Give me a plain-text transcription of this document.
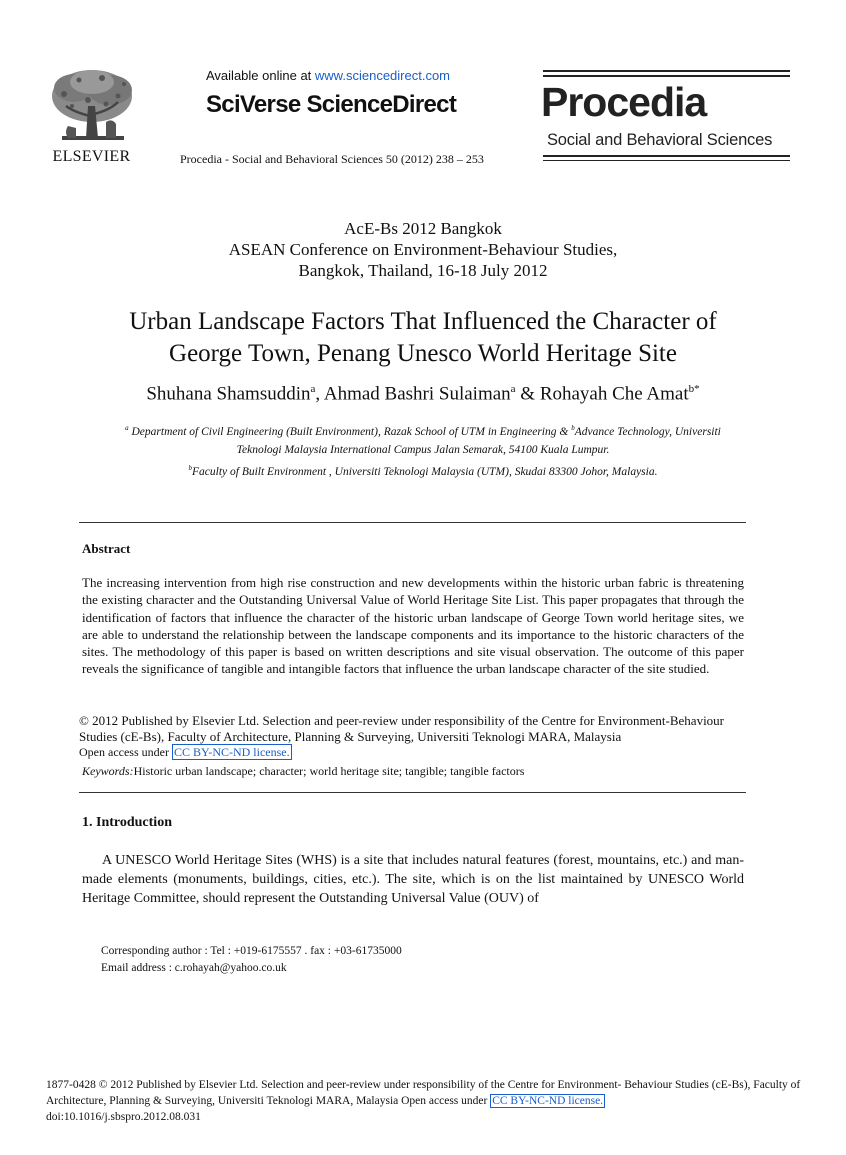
ELSEVIER
Available online at www.sciencedirect.com
SciVerse ScienceDirect
Procedia - Social and Behavioral Sciences 50 (2012) 238 – 253
Procedia
Social and Behavioral Sciences
AcE-Bs 2012 Bangkok
ASEAN Conference on Environment-Behaviour Studies,
Bangkok, Thailand, 16-18 July 2012
Urban Landscape Factors That Influenced the Character of
George Town, Penang Unesco World Heritage Site
Shuhana Shamsuddin$^a$, Ahmad Bashri Sulaiman$^a$ & Rohayah Che Amat$^{b*}$
$^a$ Department of Civil Engineering (Built Environment), Razak School of UTM in Engineering & $^b$Advance Technology, Universiti
Teknologi Malaysia International Campus Jalan Semarak, 54100 Kuala Lumpur.
$^b$Faculty of Built Environment , Universiti Teknologi Malaysia (UTM), Skudai 83300 Johor, Malaysia.
Abstract
The increasing intervention from high rise construction and new developments within the historic urban fabric is threatening the existing character and the Outstanding Universal Value of World Heritage Site List. This paper propagates that through the identification of factors that influence the character of the historic urban landscape of George Town world heritage sites, we are able to understand the relationship between the landscape components and its importance to the historic characters of the sites. The methodology of this paper is based on written descriptions and site visual observation. The outcome of this paper reveals the significance of tangible and intangible factors that influence the urban landscape character of the site studied.
© 2012 Published by Elsevier Ltd. Selection and peer-review under responsibility of the Centre for Environment-Behaviour Studies (cE-Bs), Faculty of Architecture, Planning & Surveying, Universiti Teknologi MARA, Malaysia
Open access under CC BY-NC-ND license.
Keywords:Historic urban landscape; character; world heritage site; tangible; tangible factors
1. Introduction
A UNESCO World Heritage Sites (WHS) is a site that includes natural features (forest, mountains, etc.) and man-made elements (monuments, buildings, cities, etc.). The site, which is on the list maintained by UNESCO World Heritage Committee, should represent the Outstanding Universal Value (OUV) of
Corresponding author : Tel : +019-6175557 . fax : +03-61735000
Email address : c.rohayah@yahoo.co.uk
1877-0428 © 2012 Published by Elsevier Ltd. Selection and peer-review under responsibility of the Centre for Environment- Behaviour Studies (cE-Bs), Faculty of Architecture, Planning & Surveying, Universiti Teknologi MARA, Malaysia Open access under CC BY-NC-ND license.
doi:10.1016/j.sbspro.2012.08.031
